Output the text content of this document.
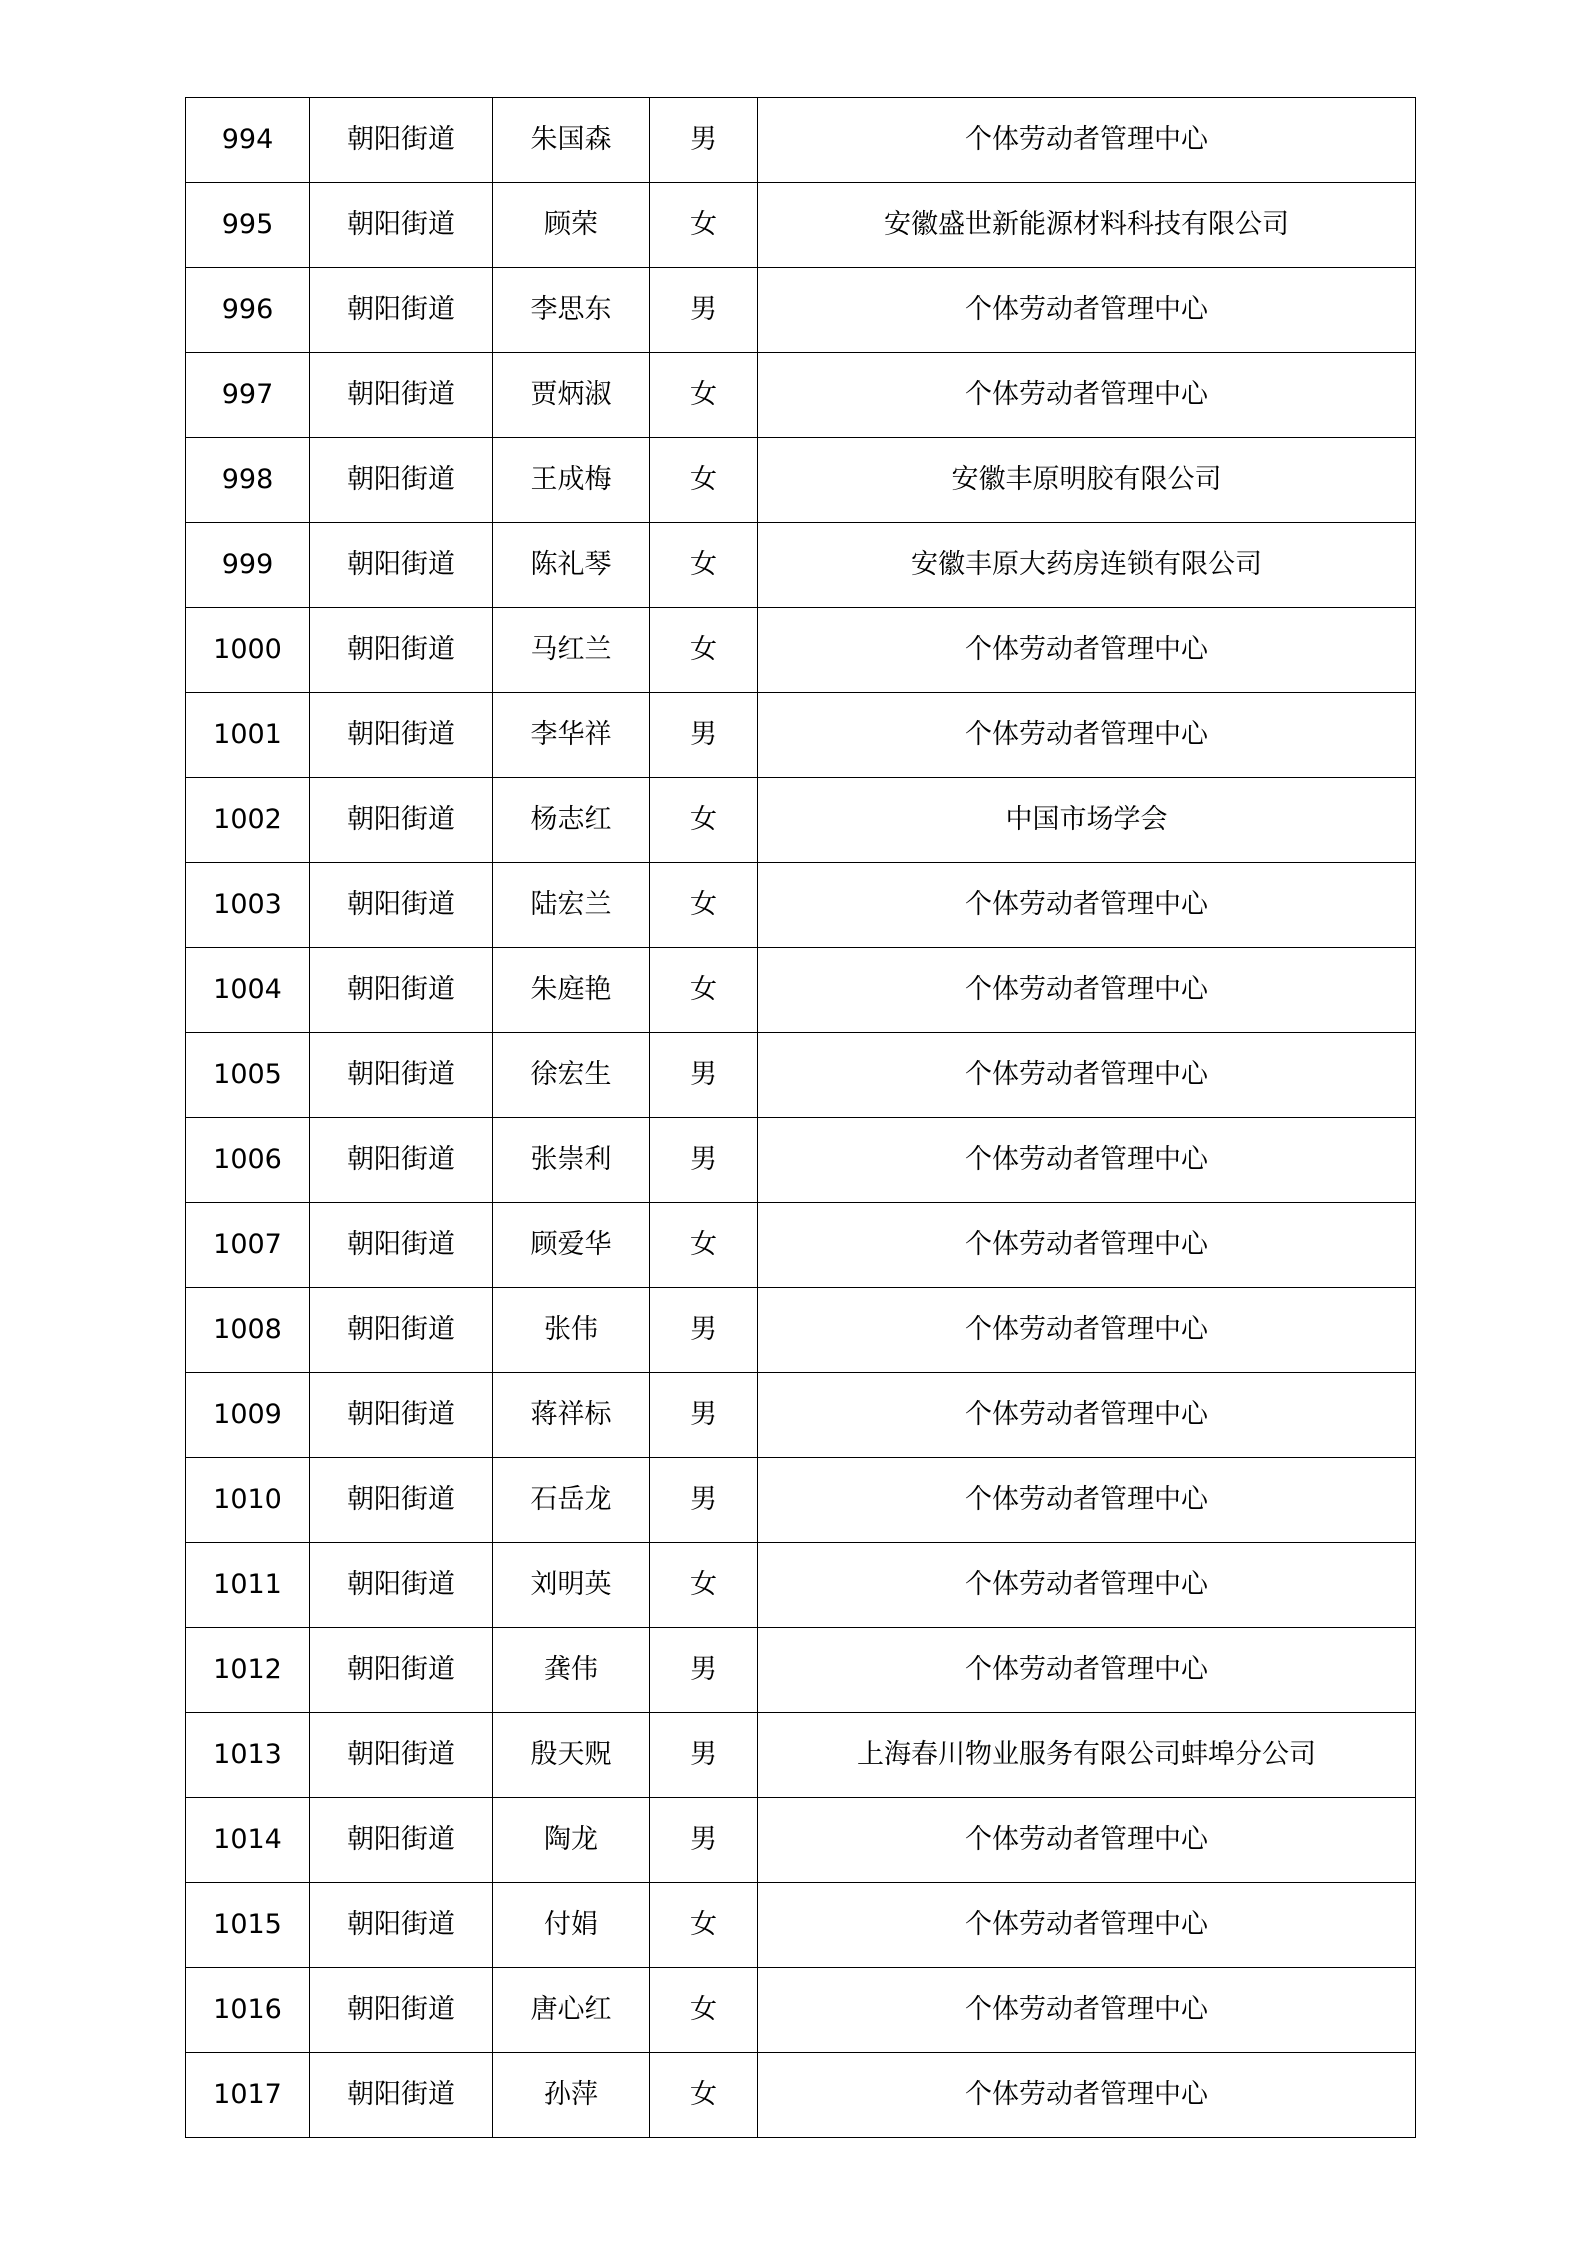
994	朝阳街道	朱国森	男	个体劳动者管理中心
995	朝阳街道	顾荣	女	安徽盛世新能源材料科技有限公司
996	朝阳街道	李思东	男	个体劳动者管理中心
997	朝阳街道	贾炳淑	女	个体劳动者管理中心
998	朝阳街道	王成梅	女	安徽丰原明胶有限公司
999	朝阳街道	陈礼琴	女	安徽丰原大药房连锁有限公司
1000	朝阳街道	马红兰	女	个体劳动者管理中心
1001	朝阳街道	李华祥	男	个体劳动者管理中心
1002	朝阳街道	杨志红	女	中国市场学会
1003	朝阳街道	陆宏兰	女	个体劳动者管理中心
1004	朝阳街道	朱庭艳	女	个体劳动者管理中心
1005	朝阳街道	徐宏生	男	个体劳动者管理中心
1006	朝阳街道	张崇利	男	个体劳动者管理中心
1007	朝阳街道	顾爱华	女	个体劳动者管理中心
1008	朝阳街道	张伟	男	个体劳动者管理中心
1009	朝阳街道	蒋祥标	男	个体劳动者管理中心
1010	朝阳街道	石岳龙	男	个体劳动者管理中心
1011	朝阳街道	刘明英	女	个体劳动者管理中心
1012	朝阳街道	龚伟	男	个体劳动者管理中心
1013	朝阳街道	殷天贶	男	上海春川物业服务有限公司蚌埠分公司
1014	朝阳街道	陶龙	男	个体劳动者管理中心
1015	朝阳街道	付娟	女	个体劳动者管理中心
1016	朝阳街道	唐心红	女	个体劳动者管理中心
1017	朝阳街道	孙萍	女	个体劳动者管理中心
